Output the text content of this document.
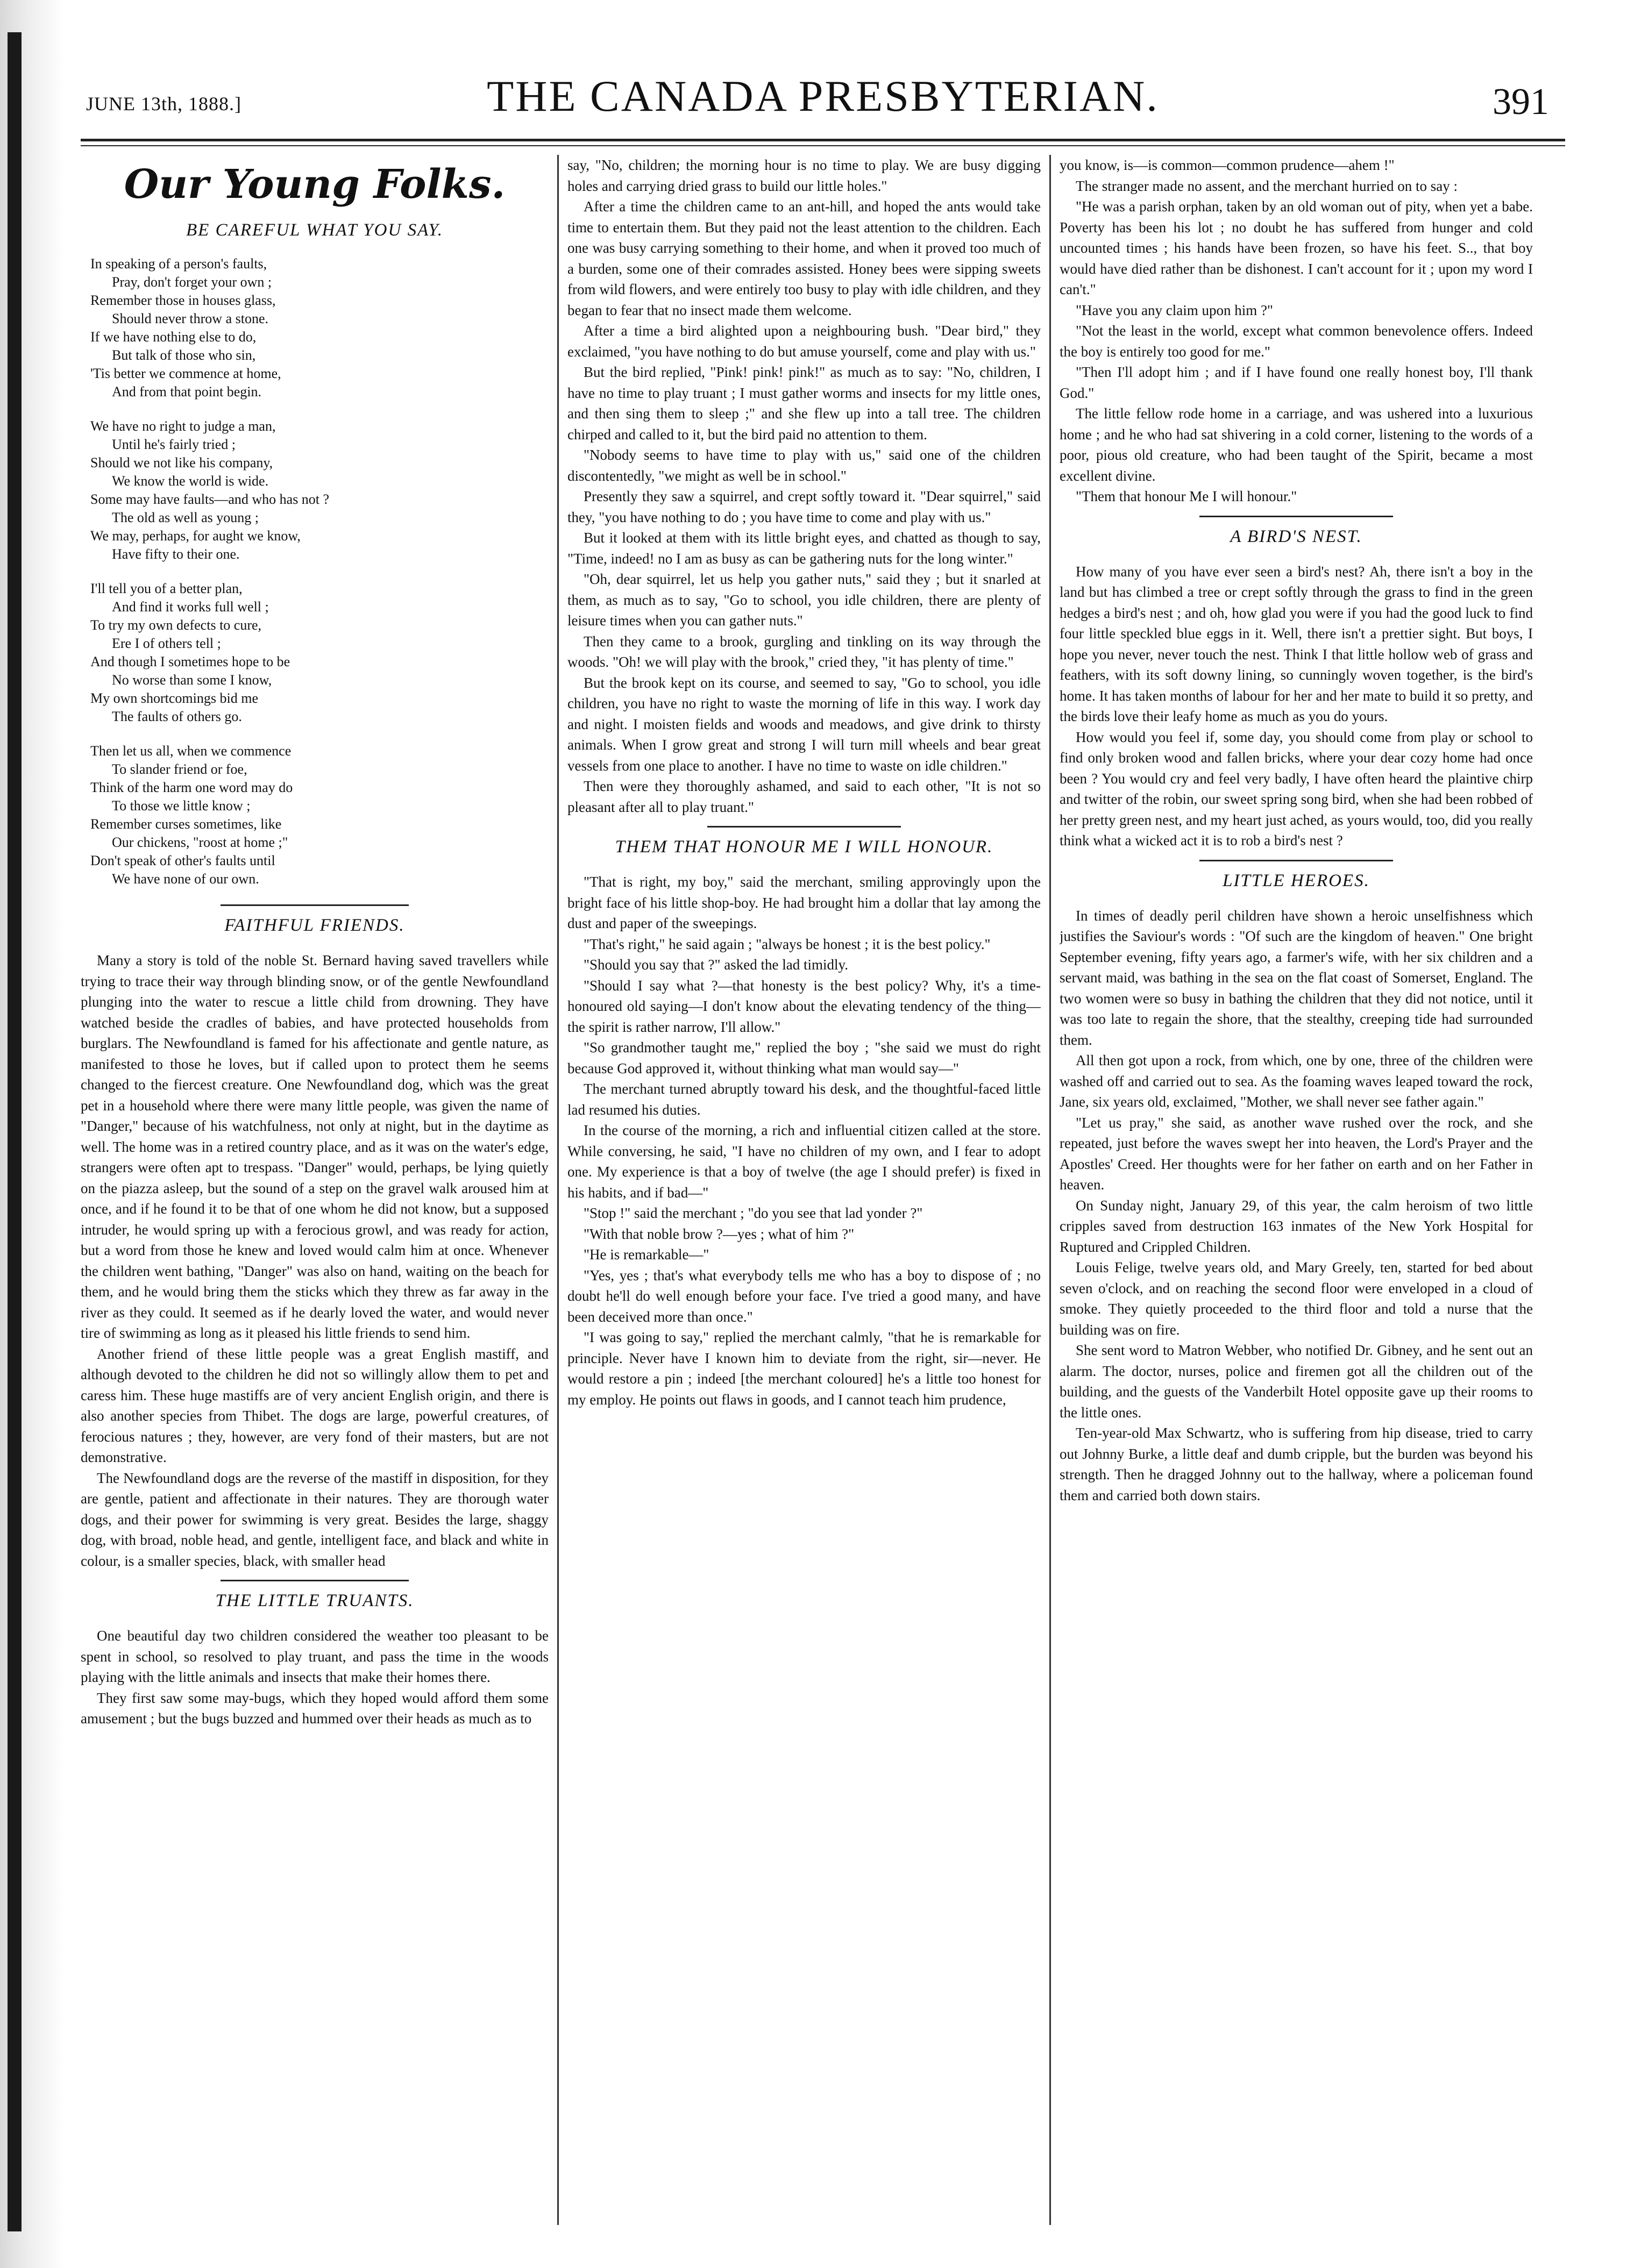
JUNE 13th, 1888.]	THE CANADA PRESBYTERIAN.	391
Our Young Folks.
BE CAREFUL WHAT YOU SAY.
In speaking of a person's faults,
Pray, don't forget your own ;
Remember those in houses glass,
Should never throw a stone.
If we have nothing else to do,
But talk of those who sin,
'Tis better we commence at home,
And from that point begin.
We have no right to judge a man,
Until he's fairly tried ;
Should we not like his company,
We know the world is wide.
Some may have faults—and who has not ?
The old as well as young ;
We may, perhaps, for aught we know,
Have fifty to their one.
I'll tell you of a better plan,
And find it works full well ;
To try my own defects to cure,
Ere I of others tell ;
And though I sometimes hope to be
No worse than some I know,
My own shortcomings bid me
The faults of others go.
Then let us all, when we commence
To slander friend or foe,
Think of the harm one word may do
To those we little know ;
Remember curses sometimes, like
Our chickens, "roost at home ;"
Don't speak of other's faults until
We have none of our own.
FAITHFUL FRIENDS.

Many a story is told of the noble St. Bernard having saved travellers while trying to trace their way through blinding snow, or of the gentle Newfoundland plunging into the water to rescue a little child from drowning. They have watched beside the cradles of babies, and have protected households from burglars. The Newfoundland is famed for his affectionate and gentle nature, as manifested to those he loves, but if called upon to protect them he seems changed to the fiercest creature. One Newfoundland dog, which was the great pet in a household where there were many little people, was given the name of "Danger," because of his watchfulness, not only at night, but in the daytime as well. The home was in a retired country place, and as it was on the water's edge, strangers were often apt to trespass. "Danger" would, perhaps, be lying quietly on the piazza asleep, but the sound of a step on the gravel walk aroused him at once, and if he found it to be that of one whom he did not know, but a supposed intruder, he would spring up with a ferocious growl, and was ready for action, but a word from those he knew and loved would calm him at once. Whenever the children went bathing, "Danger" was also on hand, waiting on the beach for them, and he would bring them the sticks which they threw as far away in the river as they could. It seemed as if he dearly loved the water, and would never tire of swimming as long as it pleased his little friends to send him.

Another friend of these little people was a great English mastiff, and although devoted to the children he did not so willingly allow them to pet and caress him. These huge mastiffs are of very ancient English origin, and there is also another species from Thibet. The dogs are large, powerful creatures, of ferocious natures ; they, however, are very fond of their masters, but are not demonstrative.

The Newfoundland dogs are the reverse of the mastiff in disposition, for they are gentle, patient and affectionate in their natures. They are thorough water dogs, and their power for swimming is very great. Besides the large, shaggy dog, with broad, noble head, and gentle, intelligent face, and black and white in colour, is a smaller species, black, with smaller head

THE LITTLE TRUANTS.

One beautiful day two children considered the weather too pleasant to be spent in school, so resolved to play truant, and pass the time in the woods playing with the little animals and insects that make their homes there.

They first saw some may-bugs, which they hoped would afford them some amusement ; but the bugs buzzed and hummed over their heads as much as to

say, "No, children; the morning hour is no time to play. We are busy digging holes and carrying dried grass to build our little holes."

After a time the children came to an ant-hill, and hoped the ants would take time to entertain them. But they paid not the least attention to the children. Each one was busy carrying something to their home, and when it proved too much of a burden, some one of their comrades assisted. Honey bees were sipping sweets from wild flowers, and were entirely too busy to play with idle children, and they began to fear that no insect made them welcome.

After a time a bird alighted upon a neighbouring bush. "Dear bird," they exclaimed, "you have nothing to do but amuse yourself, come and play with us."

But the bird replied, "Pink! pink! pink!" as much as to say: "No, children, I have no time to play truant ; I must gather worms and insects for my little ones, and then sing them to sleep ;" and she flew up into a tall tree. The children chirped and called to it, but the bird paid no attention to them.

"Nobody seems to have time to play with us," said one of the children discontentedly, "we might as well be in school."

Presently they saw a squirrel, and crept softly toward it. "Dear squirrel," said they, "you have nothing to do ; you have time to come and play with us."

But it looked at them with its little bright eyes, and chatted as though to say, "Time, indeed! no I am as busy as can be gathering nuts for the long winter."

"Oh, dear squirrel, let us help you gather nuts," said they ; but it snarled at them, as much as to say, "Go to school, you idle children, there are plenty of leisure times when you can gather nuts."

Then they came to a brook, gurgling and tinkling on its way through the woods. "Oh! we will play with the brook," cried they, "it has plenty of time."

But the brook kept on its course, and seemed to say, "Go to school, you idle children, you have no right to waste the morning of life in this way. I work day and night. I moisten fields and woods and meadows, and give drink to thirsty animals. When I grow great and strong I will turn mill wheels and bear great vessels from one place to another. I have no time to waste on idle children."

Then were they thoroughly ashamed, and said to each other, "It is not so pleasant after all to play truant."

THEM THAT HONOUR ME I WILL HONOUR.

"That is right, my boy," said the merchant, smiling approvingly upon the bright face of his little shop-boy. He had brought him a dollar that lay among the dust and paper of the sweepings.

"That's right," he said again ; "always be honest ; it is the best policy."

"Should you say that ?" asked the lad timidly.

"Should I say what ?—that honesty is the best policy? Why, it's a time-honoured old saying—I don't know about the elevating tendency of the thing—the spirit is rather narrow, I'll allow."

"So grandmother taught me," replied the boy ; "she said we must do right because God approved it, without thinking what man would say—"

The merchant turned abruptly toward his desk, and the thoughtful-faced little lad resumed his duties.

In the course of the morning, a rich and influential citizen called at the store. While conversing, he said, "I have no children of my own, and I fear to adopt one. My experience is that a boy of twelve (the age I should prefer) is fixed in his habits, and if bad—"

"Stop !" said the merchant ; "do you see that lad yonder ?"

"With that noble brow ?—yes ; what of him ?"

"He is remarkable—"

"Yes, yes ; that's what everybody tells me who has a boy to dispose of ; no doubt he'll do well enough before your face. I've tried a good many, and have been deceived more than once."

"I was going to say," replied the merchant calmly, "that he is remarkable for principle. Never have I known him to deviate from the right, sir—never. He would restore a pin ; indeed [the merchant coloured] he's a little too honest for my employ. He points out flaws in goods, and I cannot teach him prudence,

you know, is—is common—common prudence—ahem !"

The stranger made no assent, and the merchant hurried on to say :

"He was a parish orphan, taken by an old woman out of pity, when yet a babe. Poverty has been his lot ; no doubt he has suffered from hunger and cold uncounted times ; his hands have been frozen, so have his feet. S.., that boy would have died rather than be dishonest. I can't account for it ; upon my word I can't."

"Have you any claim upon him ?"

"Not the least in the world, except what common benevolence offers. Indeed the boy is entirely too good for me."

"Then I'll adopt him ; and if I have found one really honest boy, I'll thank God."

The little fellow rode home in a carriage, and was ushered into a luxurious home ; and he who had sat shivering in a cold corner, listening to the words of a poor, pious old creature, who had been taught of the Spirit, became a most excellent divine.

"Them that honour Me I will honour."

A BIRD'S NEST.

How many of you have ever seen a bird's nest? Ah, there isn't a boy in the land but has climbed a tree or crept softly through the grass to find in the green hedges a bird's nest ; and oh, how glad you were if you had the good luck to find four little speckled blue eggs in it. Well, there isn't a prettier sight. But boys, I hope you never, never touch the nest. Think I that little hollow web of grass and feathers, with its soft downy lining, so cunningly woven together, is the bird's home. It has taken months of labour for her and her mate to build it so pretty, and the birds love their leafy home as much as you do yours.

How would you feel if, some day, you should come from play or school to find only broken wood and fallen bricks, where your dear cozy home had once been ? You would cry and feel very badly, I have often heard the plaintive chirp and twitter of the robin, our sweet spring song bird, when she had been robbed of her pretty green nest, and my heart just ached, as yours would, too, did you really think what a wicked act it is to rob a bird's nest ?

LITTLE HEROES.

In times of deadly peril children have shown a heroic unselfishness which justifies the Saviour's words : "Of such are the kingdom of heaven." One bright September evening, fifty years ago, a farmer's wife, with her six children and a servant maid, was bathing in the sea on the flat coast of Somerset, England. The two women were so busy in bathing the children that they did not notice, until it was too late to regain the shore, that the stealthy, creeping tide had surrounded them.

All then got upon a rock, from which, one by one, three of the children were washed off and carried out to sea. As the foaming waves leaped toward the rock, Jane, six years old, exclaimed, "Mother, we shall never see father again."

"Let us pray," she said, as another wave rushed over the rock, and she repeated, just before the waves swept her into heaven, the Lord's Prayer and the Apostles' Creed. Her thoughts were for her father on earth and on her Father in heaven.

On Sunday night, January 29, of this year, the calm heroism of two little cripples saved from destruction 163 inmates of the New York Hospital for Ruptured and Crippled Children.

Louis Felige, twelve years old, and Mary Greely, ten, started for bed about seven o'clock, and on reaching the second floor were enveloped in a cloud of smoke. They quietly proceeded to the third floor and told a nurse that the building was on fire.

She sent word to Matron Webber, who notified Dr. Gibney, and he sent out an alarm. The doctor, nurses, police and firemen got all the children out of the building, and the guests of the Vanderbilt Hotel opposite gave up their rooms to the little ones.

Ten-year-old Max Schwartz, who is suffering from hip disease, tried to carry out Johnny Burke, a little deaf and dumb cripple, but the burden was beyond his strength. Then he dragged Johnny out to the hallway, where a policeman found them and carried both down stairs.
